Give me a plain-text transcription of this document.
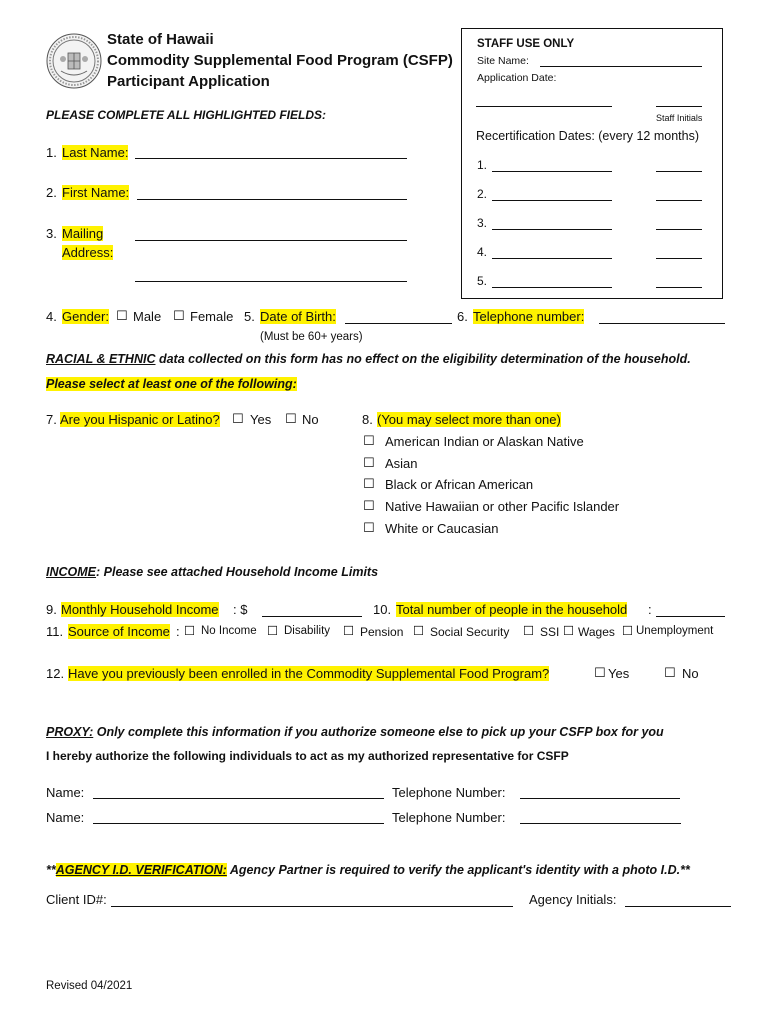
State of Hawaii
Commodity Supplemental Food Program (CSFP)
Participant Application
STAFF USE ONLY
Site Name:
Application Date:
Staff Initials
Recertification Dates: (every 12 months)
1.
2.
3.
4.
5.
PLEASE COMPLETE ALL HIGHLIGHTED FIELDS:
1. Last Name:
2. First Name:
3. Mailing
Address:
4. Gender: ☐ Male ☐ Female 5. Date of Birth:	6. Telephone number:
(Must be 60+ years)
RACIAL & ETHNIC data collected on this form has no effect on the eligibility determination of the household.
Please select at least one of the following:
7. Are you Hispanic or Latino? ☐ Yes ☐ No	8. (You may select more than one)
☐ American Indian or Alaskan Native
☐ Asian
☐ Black or African American
☐ Native Hawaiian or other Pacific Islander
☐ White or Caucasian
INCOME: Please see attached Household Income Limits
9. Monthly Household Income : $	10. Total number of people in the household :
11. Source of Income : ☐ No Income ☐ Disability ☐ Pension ☐ Social Security ☐ SSI ☐ Wages ☐ Unemployment
12. Have you previously been enrolled in the Commodity Supplemental Food Program?	☐ Yes	☐ No
PROXY: Only complete this information if you authorize someone else to pick up your CSFP box for you
I hereby authorize the following individuals to act as my authorized representative for CSFP
Name:	Telephone Number:
Name:	Telephone Number:
**AGENCY I.D. VERIFICATION: Agency Partner is required to verify the applicant's identity with a photo I.D.**
Client ID#:	Agency Initials:
Revised 04/2021
